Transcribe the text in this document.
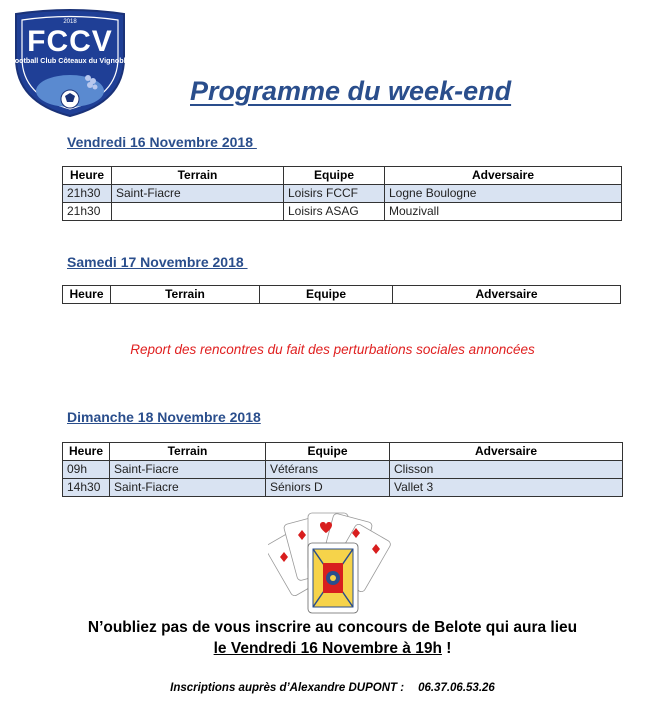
2018
FCCV
Football Club Côteaux du Vignoble
Programme du week-end
Vendredi 16 Novembre 2018
Heure	Terrain	Equipe	Adversaire
21h30	Saint-Fiacre	Loisirs FCCF	Logne Boulogne
21h30		Loisirs ASAG	Mouzivall
Samedi 17 Novembre 2018
Heure	Terrain	Equipe	Adversaire
Report des rencontres du fait des perturbations sociales annoncées
Dimanche 18 Novembre 2018
Heure	Terrain	Equipe	Adversaire
09h	Saint-Fiacre	Vétérans	Clisson
14h30	Saint-Fiacre	Séniors D	Vallet 3
N’oubliez pas de vous inscrire au concours de Belote qui aura lieu
le Vendredi 16 Novembre à 19h !
Inscriptions auprès d’Alexandre DUPONT : 06.37.06.53.26
